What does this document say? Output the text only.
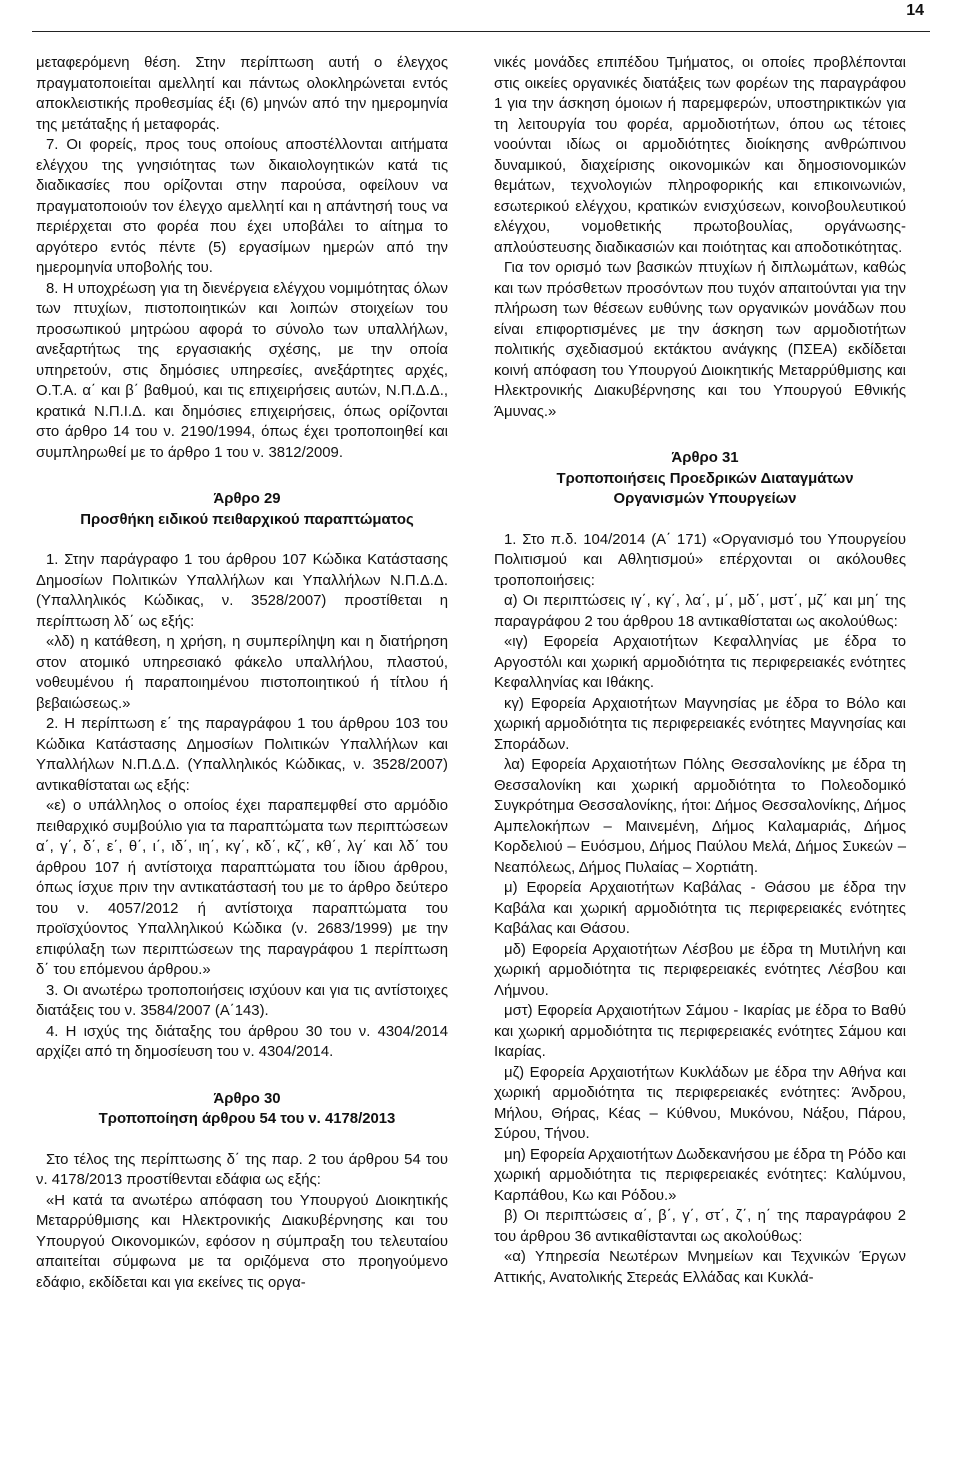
14

μεταφερόμενη θέση. Στην περίπτωση αυτή ο έλεγχος πραγματοποιείται αμελλητί και πάντως ολοκληρώνεται εντός αποκλειστικής προθεσμίας έξι (6) μηνών από την ημερομηνία της μετάταξης ή μεταφοράς.

7. Οι φορείς, προς τους οποίους αποστέλλονται αιτήματα ελέγχου της γνησιότητας των δικαιολογητικών κατά τις διαδικασίες που ορίζονται στην παρούσα, οφείλουν να πραγματοποιούν τον έλεγχο αμελλητί και η απάντησή τους να περιέρχεται στο φορέα που έχει υποβάλει το αίτημα το αργότερο εντός πέντε (5) εργασίμων ημερών από την ημερομηνία υποβολής του.

8. Η υποχρέωση για τη διενέργεια ελέγχου νομιμότητας όλων των πτυχίων, πιστοποιητικών και λοιπών στοιχείων του προσωπικού μητρώου αφορά το σύνολο των υπαλλήλων, ανεξαρτήτως της εργασιακής σχέσης, με την οποία υπηρετούν, στις δημόσιες υπηρεσίες, ανεξάρτητες αρχές, Ο.Τ.Α. α΄ και β΄ βαθμού, και τις επιχειρήσεις αυτών, Ν.Π.Δ.Δ., κρατικά Ν.Π.Ι.Δ. και δημόσιες επιχειρήσεις, όπως ορίζονται στο άρθρο 14 του ν. 2190/1994, όπως έχει τροποποιηθεί και συμπληρωθεί με το άρθρο 1 του ν. 3812/2009.

Άρθρο 29

Προσθήκη ειδικού πειθαρχικού παραπτώματος

1. Στην παράγραφο 1 του άρθρου 107 Κώδικα Κατάστασης Δημοσίων Πολιτικών Υπαλλήλων και Υπαλλήλων Ν.Π.Δ.Δ. (Υπαλληλικός Κώδικας, ν. 3528/2007) προστίθεται η περίπτωση λδ΄ ως εξής:

«λδ) η κατάθεση, η χρήση, η συμπερίληψη και η διατήρηση στον ατομικό υπηρεσιακό φάκελο υπαλλήλου, πλαστού, νοθευμένου ή παραποιημένου πιστοποιητικού ή τίτλου ή βεβαιώσεως.»

2. Η περίπτωση ε΄ της παραγράφου 1 του άρθρου 103 του Κώδικα Κατάστασης Δημοσίων Πολιτικών Υπαλλήλων και Υπαλλήλων Ν.Π.Δ.Δ. (Υπαλληλικός Κώδικας, ν. 3528/2007) αντικαθίσταται ως εξής:

«ε) ο υπάλληλος ο οποίος έχει παραπεμφθεί στο αρμόδιο πειθαρχικό συμβούλιο για τα παραπτώματα των περιπτώσεων α΄, γ΄, δ΄, ε΄, θ΄, ι΄, ιδ΄, ιη΄, κγ΄, κδ΄, κζ΄, κθ΄, λγ΄ και λδ΄ του άρθρου 107 ή αντίστοιχα παραπτώματα του ίδιου άρθρου, όπως ίσχυε πριν την αντικατάστασή του με το άρθρο δεύτερο του ν. 4057/2012 ή αντίστοιχα παραπτώματα του προϊσχύοντος Υπαλληλικού Κώδικα (ν. 2683/1999) με την επιφύλαξη των περιπτώσεων της παραγράφου 1 περίπτωση δ΄ του επόμενου άρθρου.»

3. Οι ανωτέρω τροποποιήσεις ισχύουν και για τις αντίστοιχες διατάξεις του ν. 3584/2007 (Α΄143).

4. Η ισχύς της διάταξης του άρθρου 30 του ν. 4304/2014 αρχίζει από τη δημοσίευση του ν. 4304/2014.

Άρθρο 30

Τροποποίηση άρθρου 54 του ν. 4178/2013

Στο τέλος της περίπτωσης δ΄ της παρ. 2 του άρθρου 54 του ν. 4178/2013 προστίθενται εδάφια ως εξής:

«Η κατά τα ανωτέρω απόφαση του Υπουργού Διοικητικής Μεταρρύθμισης και Ηλεκτρονικής Διακυβέρνησης και του Υπουργού Οικονομικών, εφόσον η σύμπραξη του τελευταίου απαιτείται σύμφωνα με τα οριζόμενα στο προηγούμενο εδάφιο, εκδίδεται και για εκείνες τις οργα-

νικές μονάδες επιπέδου Τμήματος, οι οποίες προβλέπονται στις οικείες οργανικές διατάξεις των φορέων της παραγράφου 1 για την άσκηση όμοιων ή παρεμφερών, υποστηρικτικών για τη λειτουργία του φορέα, αρμοδιοτήτων, όπου ως τέτοιες νοούνται ιδίως οι αρμοδιότητες διοίκησης ανθρώπινου δυναμικού, διαχείρισης οικονομικών και δημοσιονομικών θεμάτων, τεχνολογιών πληροφορικής και επικοινωνιών, εσωτερικού ελέγχου, κρατικών ενισχύσεων, κοινοβουλευτικού ελέγχου, νομοθετικής πρωτοβουλίας, οργάνωσης-απλούστευσης διαδικασιών και ποιότητας και αποδοτικότητας.

Για τον ορισμό των βασικών πτυχίων ή διπλωμάτων, καθώς και των πρόσθετων προσόντων που τυχόν απαιτούνται για την πλήρωση των θέσεων ευθύνης των οργανικών μονάδων που είναι επιφορτισμένες με την άσκηση των αρμοδιοτήτων πολιτικής σχεδιασμού εκτάκτου ανάγκης (ΠΣΕΑ) εκδίδεται κοινή απόφαση του Υπουργού Διοικητικής Μεταρρύθμισης και Ηλεκτρονικής Διακυβέρνησης και του Υπουργού Εθνικής Άμυνας.»

Άρθρο 31

Τροποποιήσεις Προεδρικών Διαταγμάτων

Οργανισμών Υπουργείων

1. Στο π.δ. 104/2014 (Α΄ 171) «Οργανισμό του Υπουργείου Πολιτισμού και Αθλητισμού» επέρχονται οι ακόλουθες τροποποιήσεις:

α) Οι περιπτώσεις ιγ΄, κγ΄, λα΄, μ΄, μδ΄, μστ΄, μζ΄ και μη΄ της παραγράφου 2 του άρθρου 18 αντικαθίσταται ως ακολούθως:

«ιγ) Εφορεία Αρχαιοτήτων Κεφαλληνίας με έδρα το Αργοστόλι και χωρική αρμοδιότητα τις περιφερειακές ενότητες Κεφαλληνίας και Ιθάκης.

κγ) Εφορεία Αρχαιοτήτων Μαγνησίας με έδρα το Βόλο και χωρική αρμοδιότητα τις περιφερειακές ενότητες Μαγνησίας και Σποράδων.

λα) Εφορεία Αρχαιοτήτων Πόλης Θεσσαλονίκης με έδρα τη Θεσσαλονίκη και χωρική αρμοδιότητα το Πολεοδομικό Συγκρότημα Θεσσαλονίκης, ήτοι: Δήμος Θεσσαλονίκης, Δήμος Αμπελοκήπων – Μαινεμένη, Δήμος Καλαμαριάς, Δήμος Κορδελιού – Ευόσμου, Δήμος Παύλου Μελά, Δήμος Συκεών – Νεαπόλεως, Δήμος Πυλαίας – Χορτιάτη.

μ) Εφορεία Αρχαιοτήτων Καβάλας - Θάσου με έδρα την Καβάλα και χωρική αρμοδιότητα τις περιφερειακές ενότητες Καβάλας και Θάσου.

μδ) Εφορεία Αρχαιοτήτων Λέσβου με έδρα τη Μυτιλήνη και χωρική αρμοδιότητα τις περιφερειακές ενότητες Λέσβου και Λήμνου.

μστ) Εφορεία Αρχαιοτήτων Σάμου - Ικαρίας με έδρα το Βαθύ και χωρική αρμοδιότητα τις περιφερειακές ενότητες Σάμου και Ικαρίας.

μζ) Εφορεία Αρχαιοτήτων Κυκλάδων με έδρα την Αθήνα και χωρική αρμοδιότητα τις περιφερειακές ενότητες: Άνδρου, Μήλου, Θήρας, Κέας – Κύθνου, Μυκόνου, Νάξου, Πάρου, Σύρου, Τήνου.

μη) Εφορεία Αρχαιοτήτων Δωδεκανήσου με έδρα τη Ρόδο και χωρική αρμοδιότητα τις περιφερειακές ενότητες: Καλύμνου, Καρπάθου, Κω και Ρόδου.»

β) Οι περιπτώσεις α΄, β΄, γ΄, στ΄, ζ΄, η΄ της παραγράφου 2 του άρθρου 36 αντικαθίστανται ως ακολούθως:

«α) Υπηρεσία Νεωτέρων Μνημείων και Τεχνικών Έργων Αττικής, Ανατολικής Στερεάς Ελλάδας και Κυκλά-
